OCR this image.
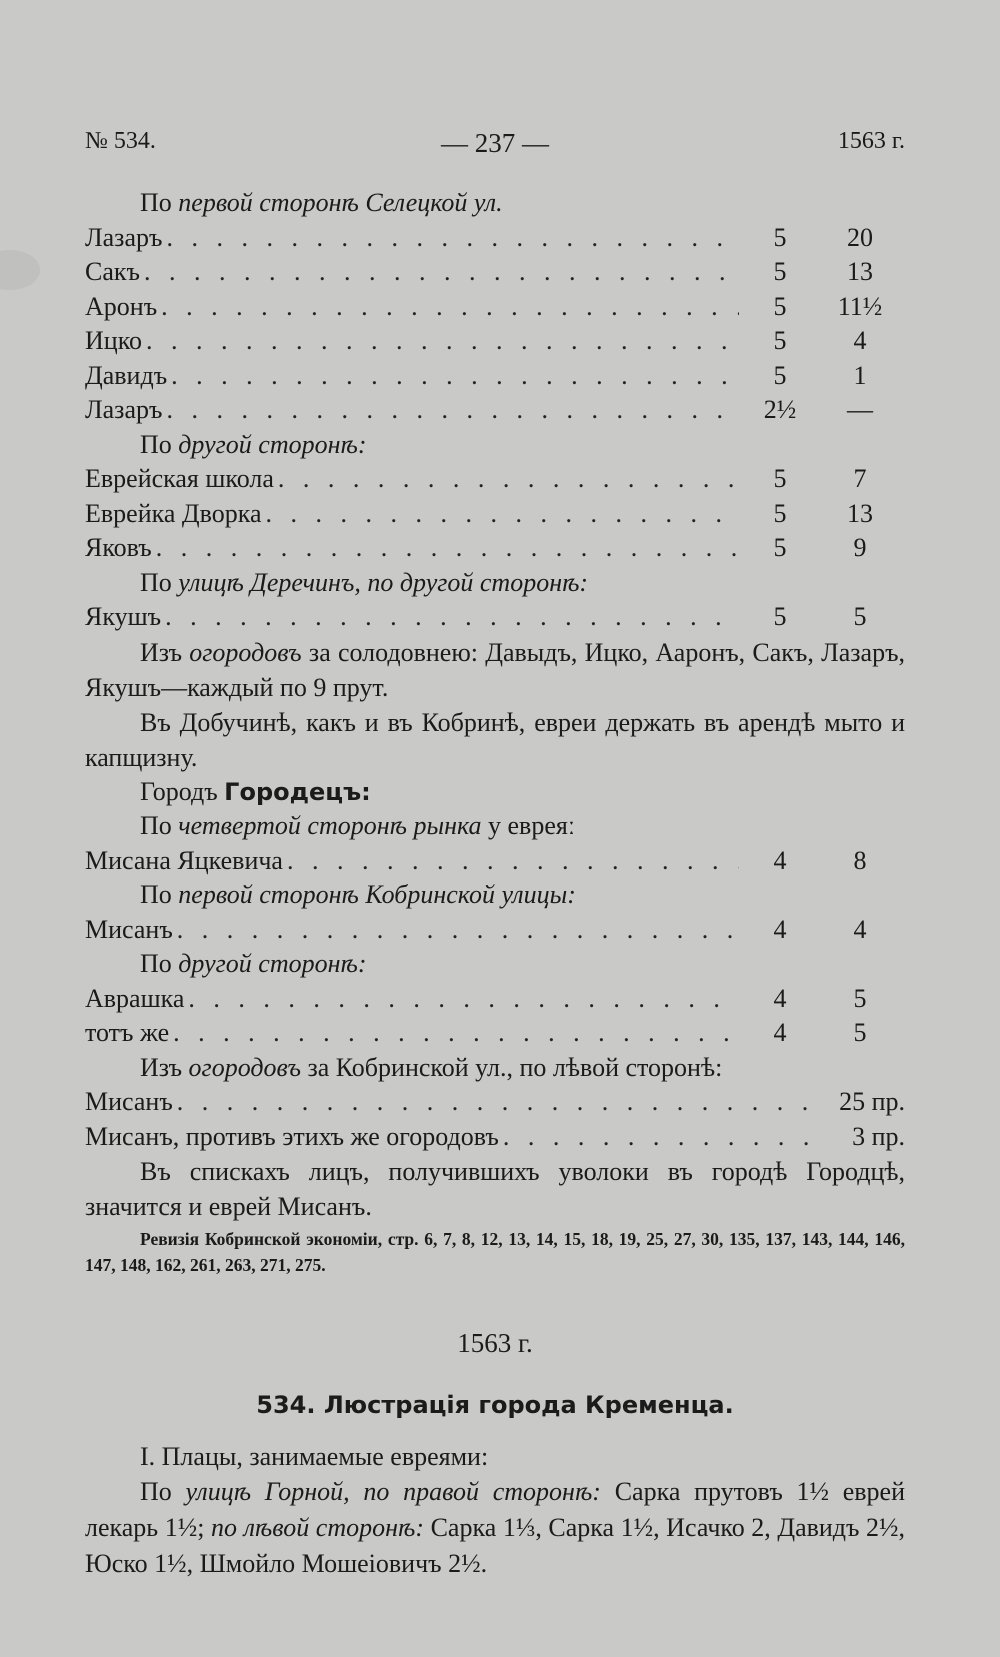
№ 534.	— 237 —	1563 г.
По первой сторонѣ Селецкой ул.
Лазаръ . . .	5	20
Сакъ . . .	5	13
Аронъ . . .	5	11½
Ицко . . .	5	4
Давидъ . . .	5	1
Лазаръ . . .	2½	—
По другой сторонѣ:
Еврейская школа . . .	5	7
Еврейка Дворка . . .	5	13
Яковъ . . .	5	9
По улицѣ Деречинъ, по другой сторонѣ:
Якушъ . . .	5	5
Изъ огородовъ за солодовнею: Давыдъ, Ицко, Ааронъ, Сакъ, Лазаръ, Якушъ—каждый по 9 прут.
Въ Добучинѣ, какъ и въ Кобринѣ, евреи держать въ арендѣ мыто и капщизну.
Городъ Городецъ:
По четвертой сторонѣ рынка у евреяː
Мисана Яцкевича . . .	4	8
По первой сторонѣ Кобринской улицы:
Мисанъ . . .	4	4
По другой сторонѣ:
Аврашка . . .	4	5
тотъ же . . .	4	5
Изъ огородовъ за Кобринской ул., по лѣвой сторонѣ:
Мисанъ . . .	25 пр.
Мисанъ, противъ этихъ же огородовъ . . .	3 пр.
Въ спискахъ лицъ, получившихъ уволоки въ городѣ Городцѣ, значится и еврей Мисанъ.
Ревизія Кобринской экономіи, стр. 6, 7, 8, 12, 13, 14, 15, 18, 19, 25, 27, 30, 135, 137, 143, 144, 146, 147, 148, 162, 261, 263, 271, 275.
1563 г.
534. Люстрація города Кременца.
I. Плацы, занимаемые евреями:
По улицѣ Горной, по правой сторонѣ: Сарка прутовъ 1½ еврей лекарь 1½; по лѣвой сторонѣ: Сарка 1⅓, Сарка 1½, Исачко 2, Давидъ 2½, Юско 1½, Шмойло Мошеіовичъ 2½.
